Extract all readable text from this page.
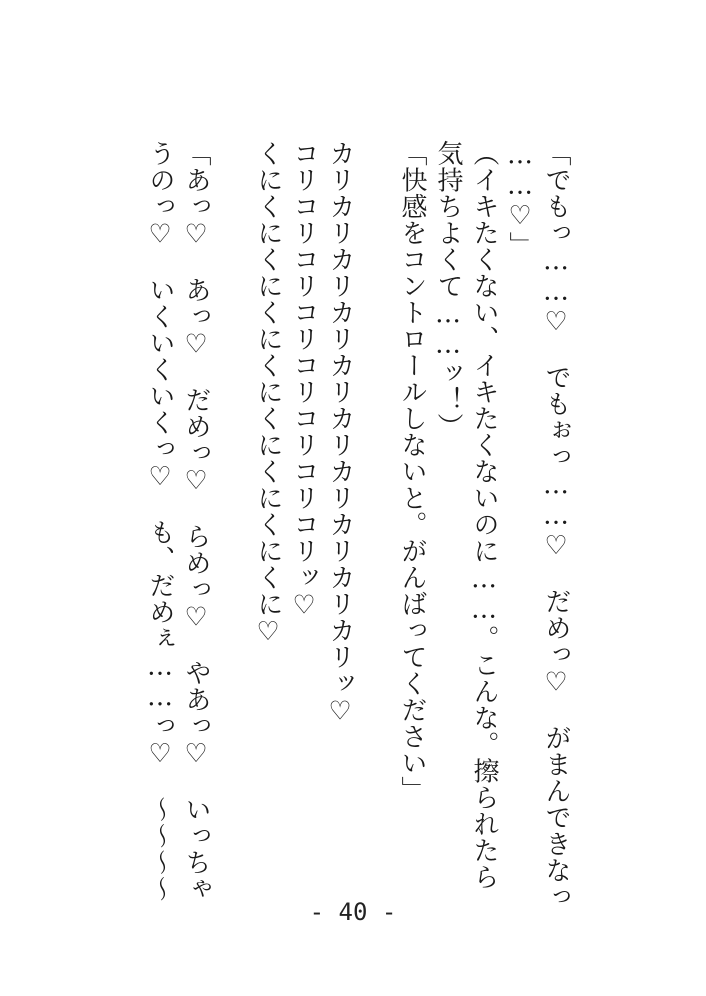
「でもっ……♡　でもぉっ……♡　だめっ♡　がまんできなっ
……♡」
（イキたくない、イキたくないのに……。こんな。擦られたら
気持ちよくて……ッ！）
「快感をコントロールしないと。がんばってください」
カリカリカリカリカリカリカリカリカリカリッ♡
コリコリコリコリコリコリコリコリッ♡
くにくにくにくにくにくにくにくにくに♡
「あっ♡　あっ♡　だめっ♡　らめっ♡　やあっ♡　いっちゃ
うのっ♡　いくいくいくっ♡　も、だめぇ……っ♡　〜〜〜〜
- 40 -
